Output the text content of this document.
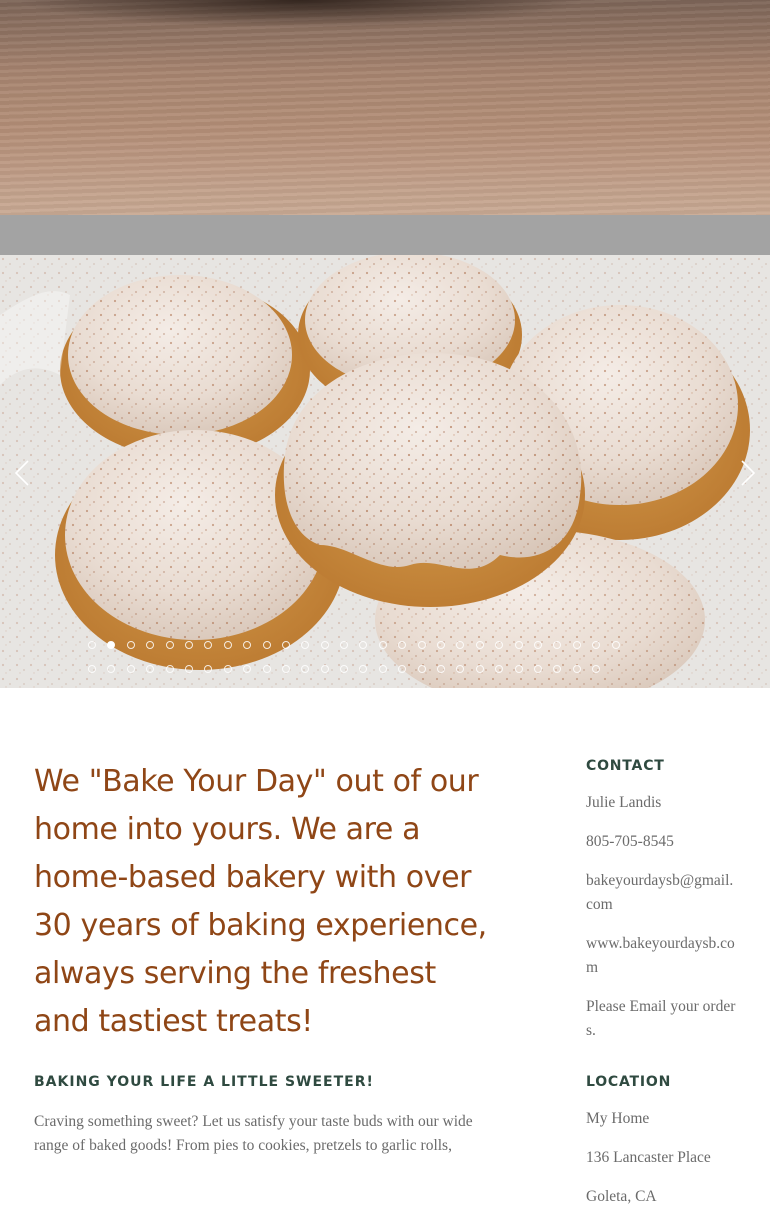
We "Bake Your Day" out of our home into yours. We are a home-based bakery with over 30 years of baking experience, always serving the freshest and tastiest treats!
BAKING YOUR LIFE A LITTLE SWEETER!

Craving something sweet? Let us satisfy your taste buds with our wide range of baked goods! From pies to cookies, pretzels to garlic rolls,

CONTACT
Julie Landis
805-705-8545
bakeyourdaysb@gmail.com
www.bakeyourdaysb.com
Please Email your orders.
LOCATION
My Home
136 Lancaster Place
Goleta, CA
